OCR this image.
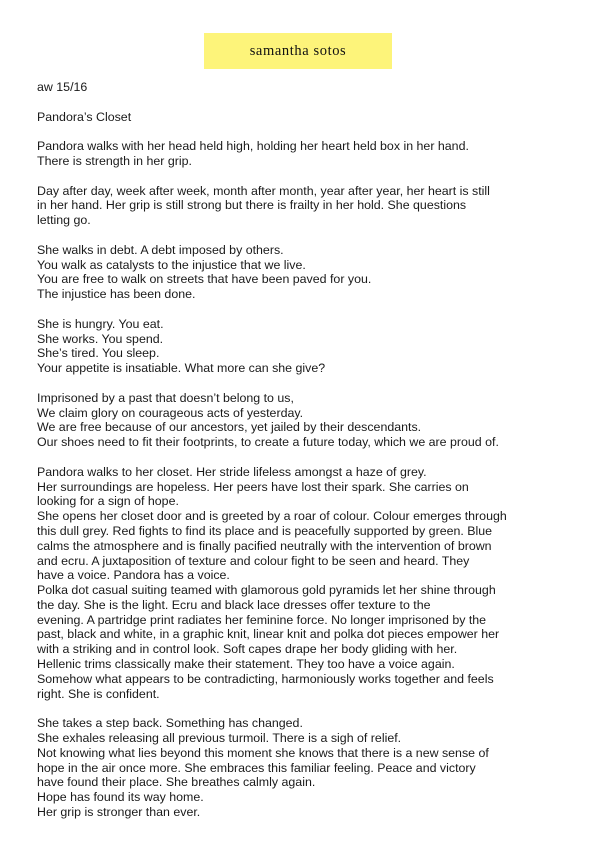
samantha sotos

aw 15/16

Pandora’s Closet

Pandora walks with her head held high, holding her heart held box in her hand.
There is strength in her grip.

Day after day, week after week, month after month, year after year, her heart is still
in her hand. Her grip is still strong but there is frailty in her hold. She questions
letting go.

She walks in debt. A debt imposed by others.
You walk as catalysts to the injustice that we live.
You are free to walk on streets that have been paved for you.
The injustice has been done.

She is hungry. You eat.
She works. You spend.
She’s tired. You sleep.
Your appetite is insatiable. What more can she give?

Imprisoned by a past that doesn’t belong to us,
We claim glory on courageous acts of yesterday.
We are free because of our ancestors, yet jailed by their descendants.
Our shoes need to fit their footprints, to create a future today, which we are proud of.

Pandora walks to her closet. Her stride lifeless amongst a haze of grey.
Her surroundings are hopeless. Her peers have lost their spark. She carries on
looking for a sign of hope.
She opens her closet door and is greeted by a roar of colour. Colour emerges through
this dull grey. Red fights to find its place and is peacefully supported by green. Blue
calms the atmosphere and is finally pacified neutrally with the intervention of brown
and ecru. A juxtaposition of texture and colour fight to be seen and heard. They
have a voice. Pandora has a voice.
Polka dot casual suiting teamed with glamorous gold pyramids let her shine through
the day. She is the light. Ecru and black lace dresses offer texture to the
evening. A partridge print radiates her feminine force. No longer imprisoned by the
past, black and white, in a graphic knit, linear knit and polka dot pieces empower her
with a striking and in control look. Soft capes drape her body gliding with her.
Hellenic trims classically make their statement. They too have a voice again.
Somehow what appears to be contradicting, harmoniously works together and feels
right. She is confident.

She takes a step back. Something has changed.
She exhales releasing all previous turmoil. There is a sigh of relief.
Not knowing what lies beyond this moment she knows that there is a new sense of
hope in the air once more. She embraces this familiar feeling. Peace and victory
have found their place. She breathes calmly again.
Hope has found its way home.
Her grip is stronger than ever.
